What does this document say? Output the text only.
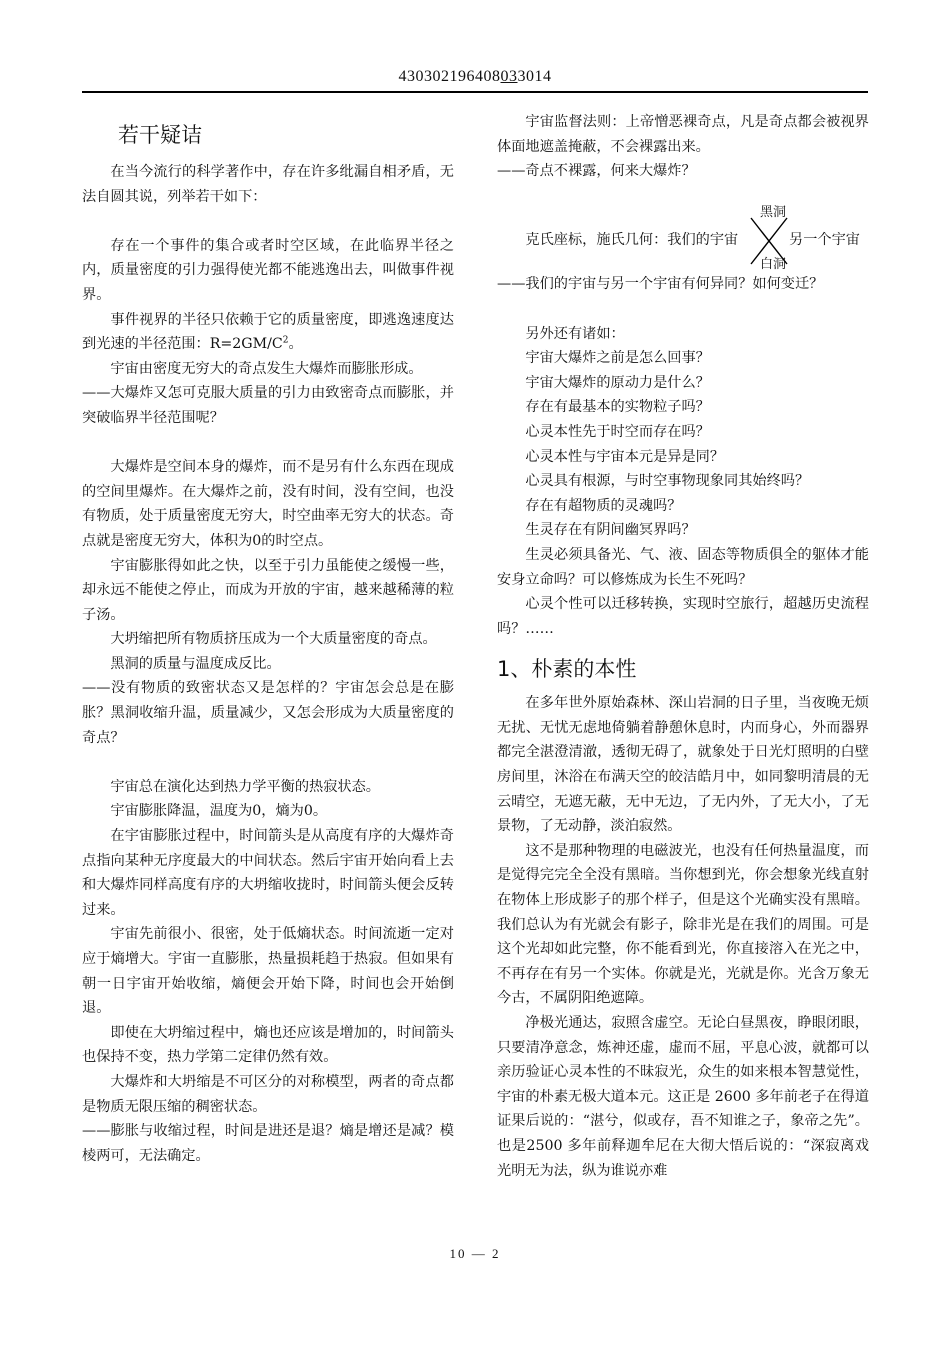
430302196408033014
若干疑诘

在当今流行的科学著作中，存在许多纰漏自相矛盾，无法自圆其说，列举若干如下：

存在一个事件的集合或者时空区域，在此临界半径之内，质量密度的引力强得使光都不能逃逸出去，叫做事件视界。

事件视界的半径只依赖于它的质量密度，即逃逸速度达到光速的半径范围：$R=2GM/C^2$。

宇宙由密度无穷大的奇点发生大爆炸而膨胀形成。

——大爆炸又怎可克服大质量的引力由致密奇点而膨胀，并突破临界半径范围呢？

大爆炸是空间本身的爆炸，而不是另有什么东西在现成的空间里爆炸。在大爆炸之前，没有时间，没有空间，也没有物质，处于质量密度无穷大，时空曲率无穷大的状态。奇点就是密度无穷大，体积为0的时空点。

宇宙膨胀得如此之快，以至于引力虽能使之缓慢一些，却永远不能使之停止，而成为开放的宇宙，越来越稀薄的粒子汤。

大坍缩把所有物质挤压成为一个大质量密度的奇点。

黑洞的质量与温度成反比。

——没有物质的致密状态又是怎样的？宇宙怎会总是在膨胀？黑洞收缩升温，质量减少，又怎会形成为大质量密度的奇点？

宇宙总在演化达到热力学平衡的热寂状态。

宇宙膨胀降温，温度为0，熵为0。

在宇宙膨胀过程中，时间箭头是从高度有序的大爆炸奇点指向某种无序度最大的中间状态。然后宇宙开始向看上去和大爆炸同样高度有序的大坍缩收拢时，时间箭头便会反转过来。

宇宙先前很小、很密，处于低熵状态。时间流逝一定对应于熵增大。宇宙一直膨胀，热量损耗趋于热寂。但如果有朝一日宇宙开始收缩，熵便会开始下降，时间也会开始倒退。

即使在大坍缩过程中，熵也还应该是增加的，时间箭头也保持不变，热力学第二定律仍然有效。

大爆炸和大坍缩是不可区分的对称模型，两者的奇点都是物质无限压缩的稠密状态。

——膨胀与收缩过程，时间是进还是退？熵是增还是减？模棱两可，无法确定。

宇宙监督法则：上帝憎恶裸奇点，凡是奇点都会被视界体面地遮盖掩蔽，不会裸露出来。

——奇点不裸露，何来大爆炸？

克氏座标，施氏几何：我们的宇宙
黑洞
白洞
另一个宇宙

——我们的宇宙与另一个宇宙有何异同？如何变迁？

另外还有诸如：

宇宙大爆炸之前是怎么回事？

宇宙大爆炸的原动力是什么？

存在有最基本的实物粒子吗？

心灵本性先于时空而存在吗？

心灵本性与宇宙本元是异是同？

心灵具有根源，与时空事物现象同其始终吗？

存在有超物质的灵魂吗？

生灵存在有阴间幽冥界吗？

生灵必须具备光、气、液、固态等物质俱全的躯体才能安身立命吗？可以修炼成为长生不死吗？

心灵个性可以迁移转换，实现时空旅行，超越历史流程吗？……

1、朴素的本性

在多年世外原始森林、深山岩洞的日子里，当夜晚无烦无扰、无忧无虑地倚躺着静憩休息时，内而身心，外而器界都完全湛澄清澈，透彻无碍了，就象处于日光灯照明的白壁房间里，沐浴在布满天空的皎洁皓月中，如同黎明清晨的无云晴空，无遮无蔽，无中无边，了无内外，了无大小，了无景物，了无动静，淡泊寂然。

这不是那种物理的电磁波光，也没有任何热量温度，而是觉得完完全全没有黑暗。当你想到光，你会想象光线直射在物体上形成影子的那个样子，但是这个光确实没有黑暗。我们总认为有光就会有影子，除非光是在我们的周围。可是这个光却如此完整，你不能看到光，你直接溶入在光之中，不再存在有另一个实体。你就是光，光就是你。光含万象无今古，不属阴阳绝遮障。

净极光通达，寂照含虚空。无论白昼黑夜，睁眼闭眼，只要清净意念，炼神还虚，虚而不屈，平息心波，就都可以亲历验证心灵本性的不昧寂光，众生的如来根本智慧觉性，宇宙的朴素无极大道本元。这正是 2600 多年前老子在得道证果后说的：“湛兮，似或存，吾不知谁之子，象帝之先”。也是2500 多年前释迦牟尼在大彻大悟后说的：“深寂离戏光明无为法，纵为谁说亦难

10 — 2
